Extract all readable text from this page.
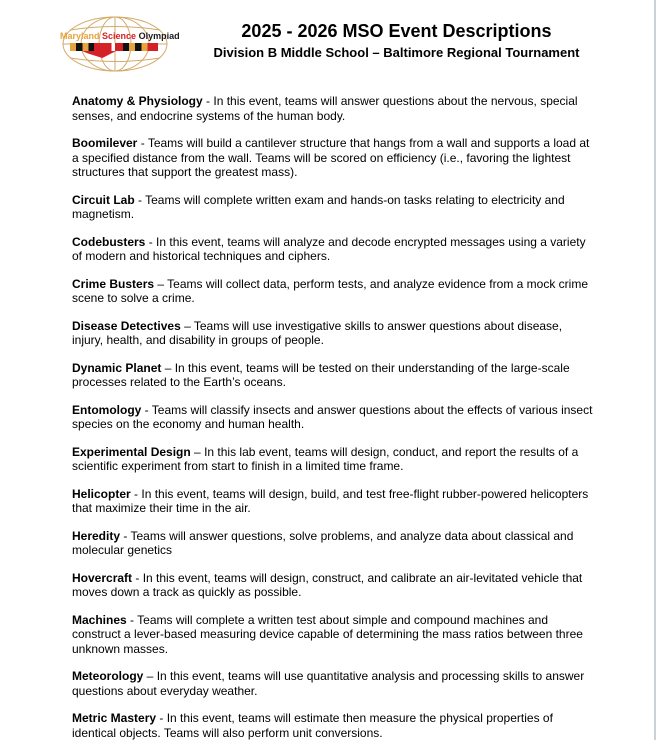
Maryland Science Olympiad	2025 - 2026 MSO Event Descriptions
Division B Middle School – Baltimore Regional Tournament

Anatomy & Physiology - In this event, teams will answer questions about the nervous, special senses, and endocrine systems of the human body.

Boomilever - Teams will build a cantilever structure that hangs from a wall and supports a load at a specified distance from the wall. Teams will be scored on efficiency (i.e., favoring the lightest structures that support the greatest mass).

Circuit Lab - Teams will complete written exam and hands-on tasks relating to electricity and magnetism.

Codebusters - In this event, teams will analyze and decode encrypted messages using a variety of modern and historical techniques and ciphers.

Crime Busters – Teams will collect data, perform tests, and analyze evidence from a mock crime scene to solve a crime.

Disease Detectives – Teams will use investigative skills to answer questions about disease, injury, health, and disability in groups of people.

Dynamic Planet – In this event, teams will be tested on their understanding of the large-scale processes related to the Earth’s oceans.

Entomology - Teams will classify insects and answer questions about the effects of various insect species on the economy and human health.

Experimental Design – In this lab event, teams will design, conduct, and report the results of a scientific experiment from start to finish in a limited time frame.

Helicopter - In this event, teams will design, build, and test free-flight rubber-powered helicopters that maximize their time in the air.

Heredity - Teams will answer questions, solve problems, and analyze data about classical and molecular genetics

Hovercraft - In this event, teams will design, construct, and calibrate an air-levitated vehicle that moves down a track as quickly as possible.

Machines - Teams will complete a written test about simple and compound machines and construct a lever-based measuring device capable of determining the mass ratios between three unknown masses.

Meteorology – In this event, teams will use quantitative analysis and processing skills to answer questions about everyday weather.

Metric Mastery - In this event, teams will estimate then measure the physical properties of identical objects. Teams will also perform unit conversions.
